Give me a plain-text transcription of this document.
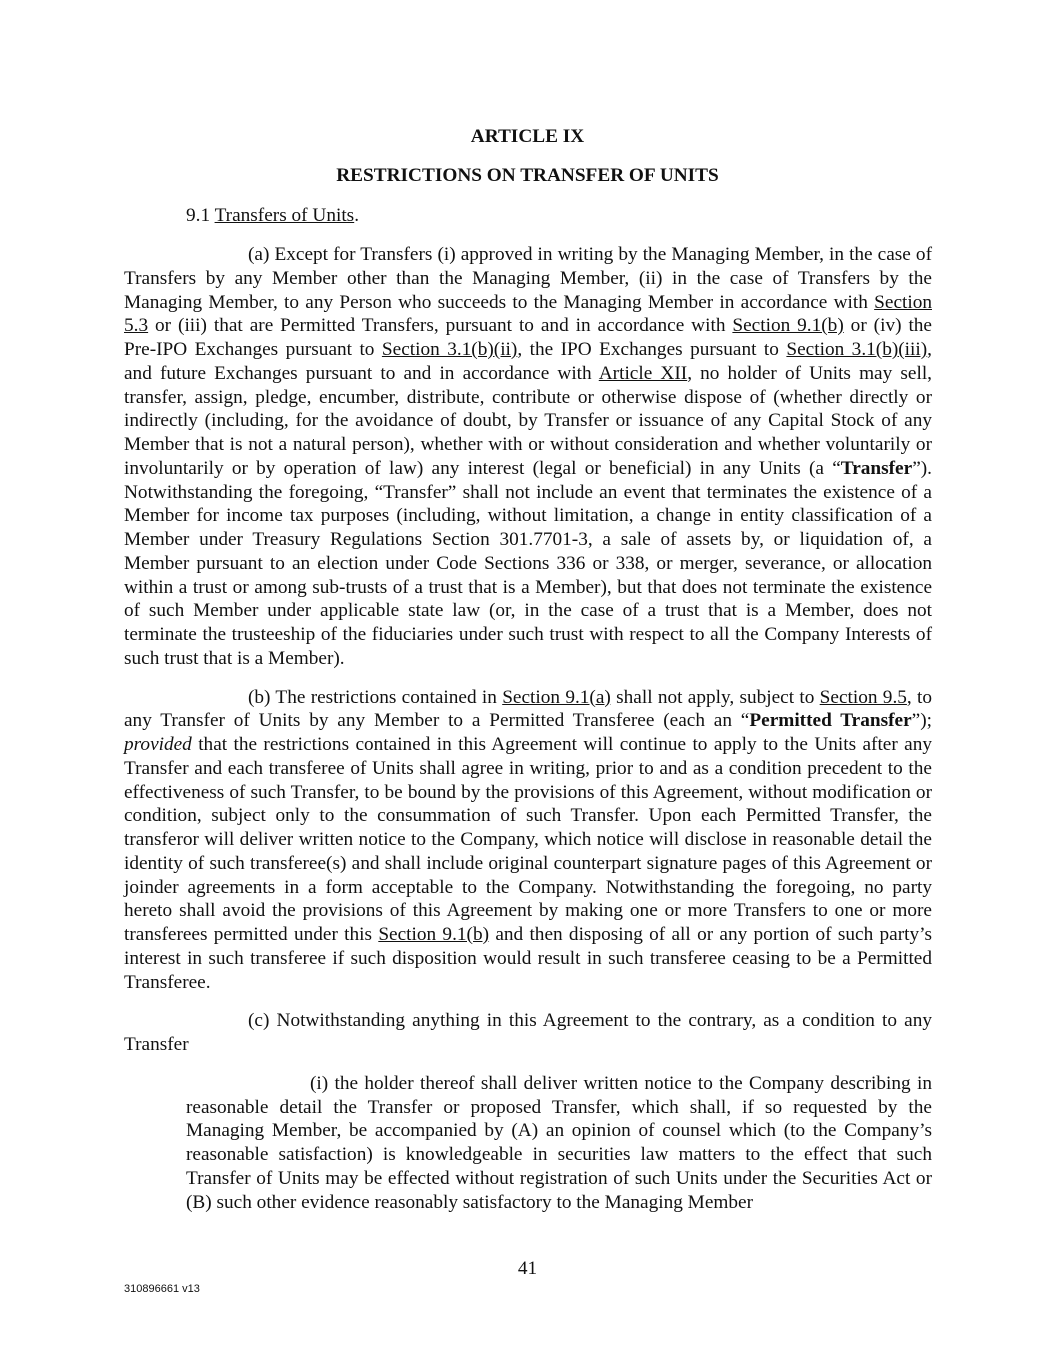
ARTICLE IX
RESTRICTIONS ON TRANSFER OF UNITS
9.1 Transfers of Units.

(a) Except for Transfers (i) approved in writing by the Managing Member, in the case of Transfers by any Member other than the Managing Member, (ii) in the case of Transfers by the Managing Member, to any Person who succeeds to the Managing Member in accordance with Section 5.3 or (iii) that are Permitted Transfers, pursuant to and in accordance with Section 9.1(b) or (iv) the Pre-IPO Exchanges pursuant to Section 3.1(b)(ii), the IPO Exchanges pursuant to Section 3.1(b)(iii), and future Exchanges pursuant to and in accordance with Article XII, no holder of Units may sell, transfer, assign, pledge, encumber, distribute, contribute or otherwise dispose of (whether directly or indirectly (including, for the avoidance of doubt, by Transfer or issuance of any Capital Stock of any Member that is not a natural person), whether with or without consideration and whether voluntarily or involuntarily or by operation of law) any interest (legal or beneficial) in any Units (a “Transfer”). Notwithstanding the foregoing, “Transfer” shall not include an event that terminates the existence of a Member for income tax purposes (including, without limitation, a change in entity classification of a Member under Treasury Regulations Section 301.7701-3, a sale of assets by, or liquidation of, a Member pursuant to an election under Code Sections 336 or 338, or merger, severance, or allocation within a trust or among sub-trusts of a trust that is a Member), but that does not terminate the existence of such Member under applicable state law (or, in the case of a trust that is a Member, does not terminate the trusteeship of the fiduciaries under such trust with respect to all the Company Interests of such trust that is a Member).

(b) The restrictions contained in Section 9.1(a) shall not apply, subject to Section 9.5, to any Transfer of Units by any Member to a Permitted Transferee (each an “Permitted Transfer”); provided that the restrictions contained in this Agreement will continue to apply to the Units after any Transfer and each transferee of Units shall agree in writing, prior to and as a condition precedent to the effectiveness of such Transfer, to be bound by the provisions of this Agreement, without modification or condition, subject only to the consummation of such Transfer. Upon each Permitted Transfer, the transferor will deliver written notice to the Company, which notice will disclose in reasonable detail the identity of such transferee(s) and shall include original counterpart signature pages of this Agreement or joinder agreements in a form acceptable to the Company. Notwithstanding the foregoing, no party hereto shall avoid the provisions of this Agreement by making one or more Transfers to one or more transferees permitted under this Section 9.1(b) and then disposing of all or any portion of such party’s interest in such transferee if such disposition would result in such transferee ceasing to be a Permitted Transferee.

(c) Notwithstanding anything in this Agreement to the contrary, as a condition to any Transfer

(i) the holder thereof shall deliver written notice to the Company describing in reasonable detail the Transfer or proposed Transfer, which shall, if so requested by the Managing Member, be accompanied by (A) an opinion of counsel which (to the Company’s reasonable satisfaction) is knowledgeable in securities law matters to the effect that such Transfer of Units may be effected without registration of such Units under the Securities Act or (B) such other evidence reasonably satisfactory to the Managing Member

41
310896661 v13
